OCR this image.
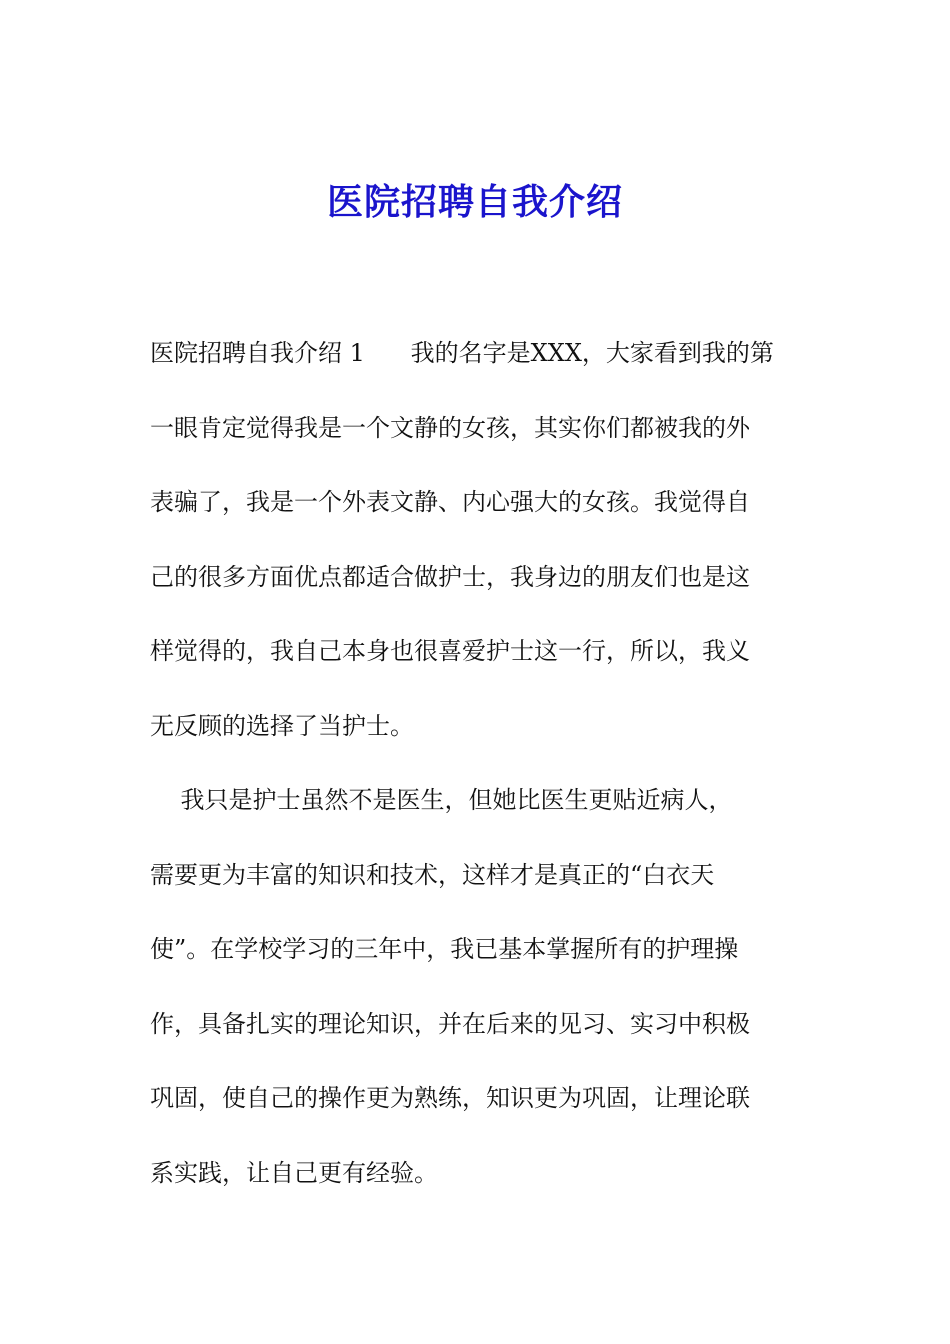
医院招聘自我介绍
医院招聘自我介绍 1      我的名字是XXX，大家看到我的第
一眼肯定觉得我是一个文静的女孩，其实你们都被我的外
表骗了，我是一个外表文静、内心强大的女孩。我觉得自
己的很多方面优点都适合做护士，我身边的朋友们也是这
样觉得的，我自己本身也很喜爱护士这一行，所以，我义
无反顾的选择了当护士。
我只是护士虽然不是医生，但她比医生更贴近病人，
需要更为丰富的知识和技术，这样才是真正的“白衣天
使”。在学校学习的三年中，我已基本掌握所有的护理操
作，具备扎实的理论知识，并在后来的见习、实习中积极
巩固，使自己的操作更为熟练，知识更为巩固，让理论联
系实践，让自己更有经验。
